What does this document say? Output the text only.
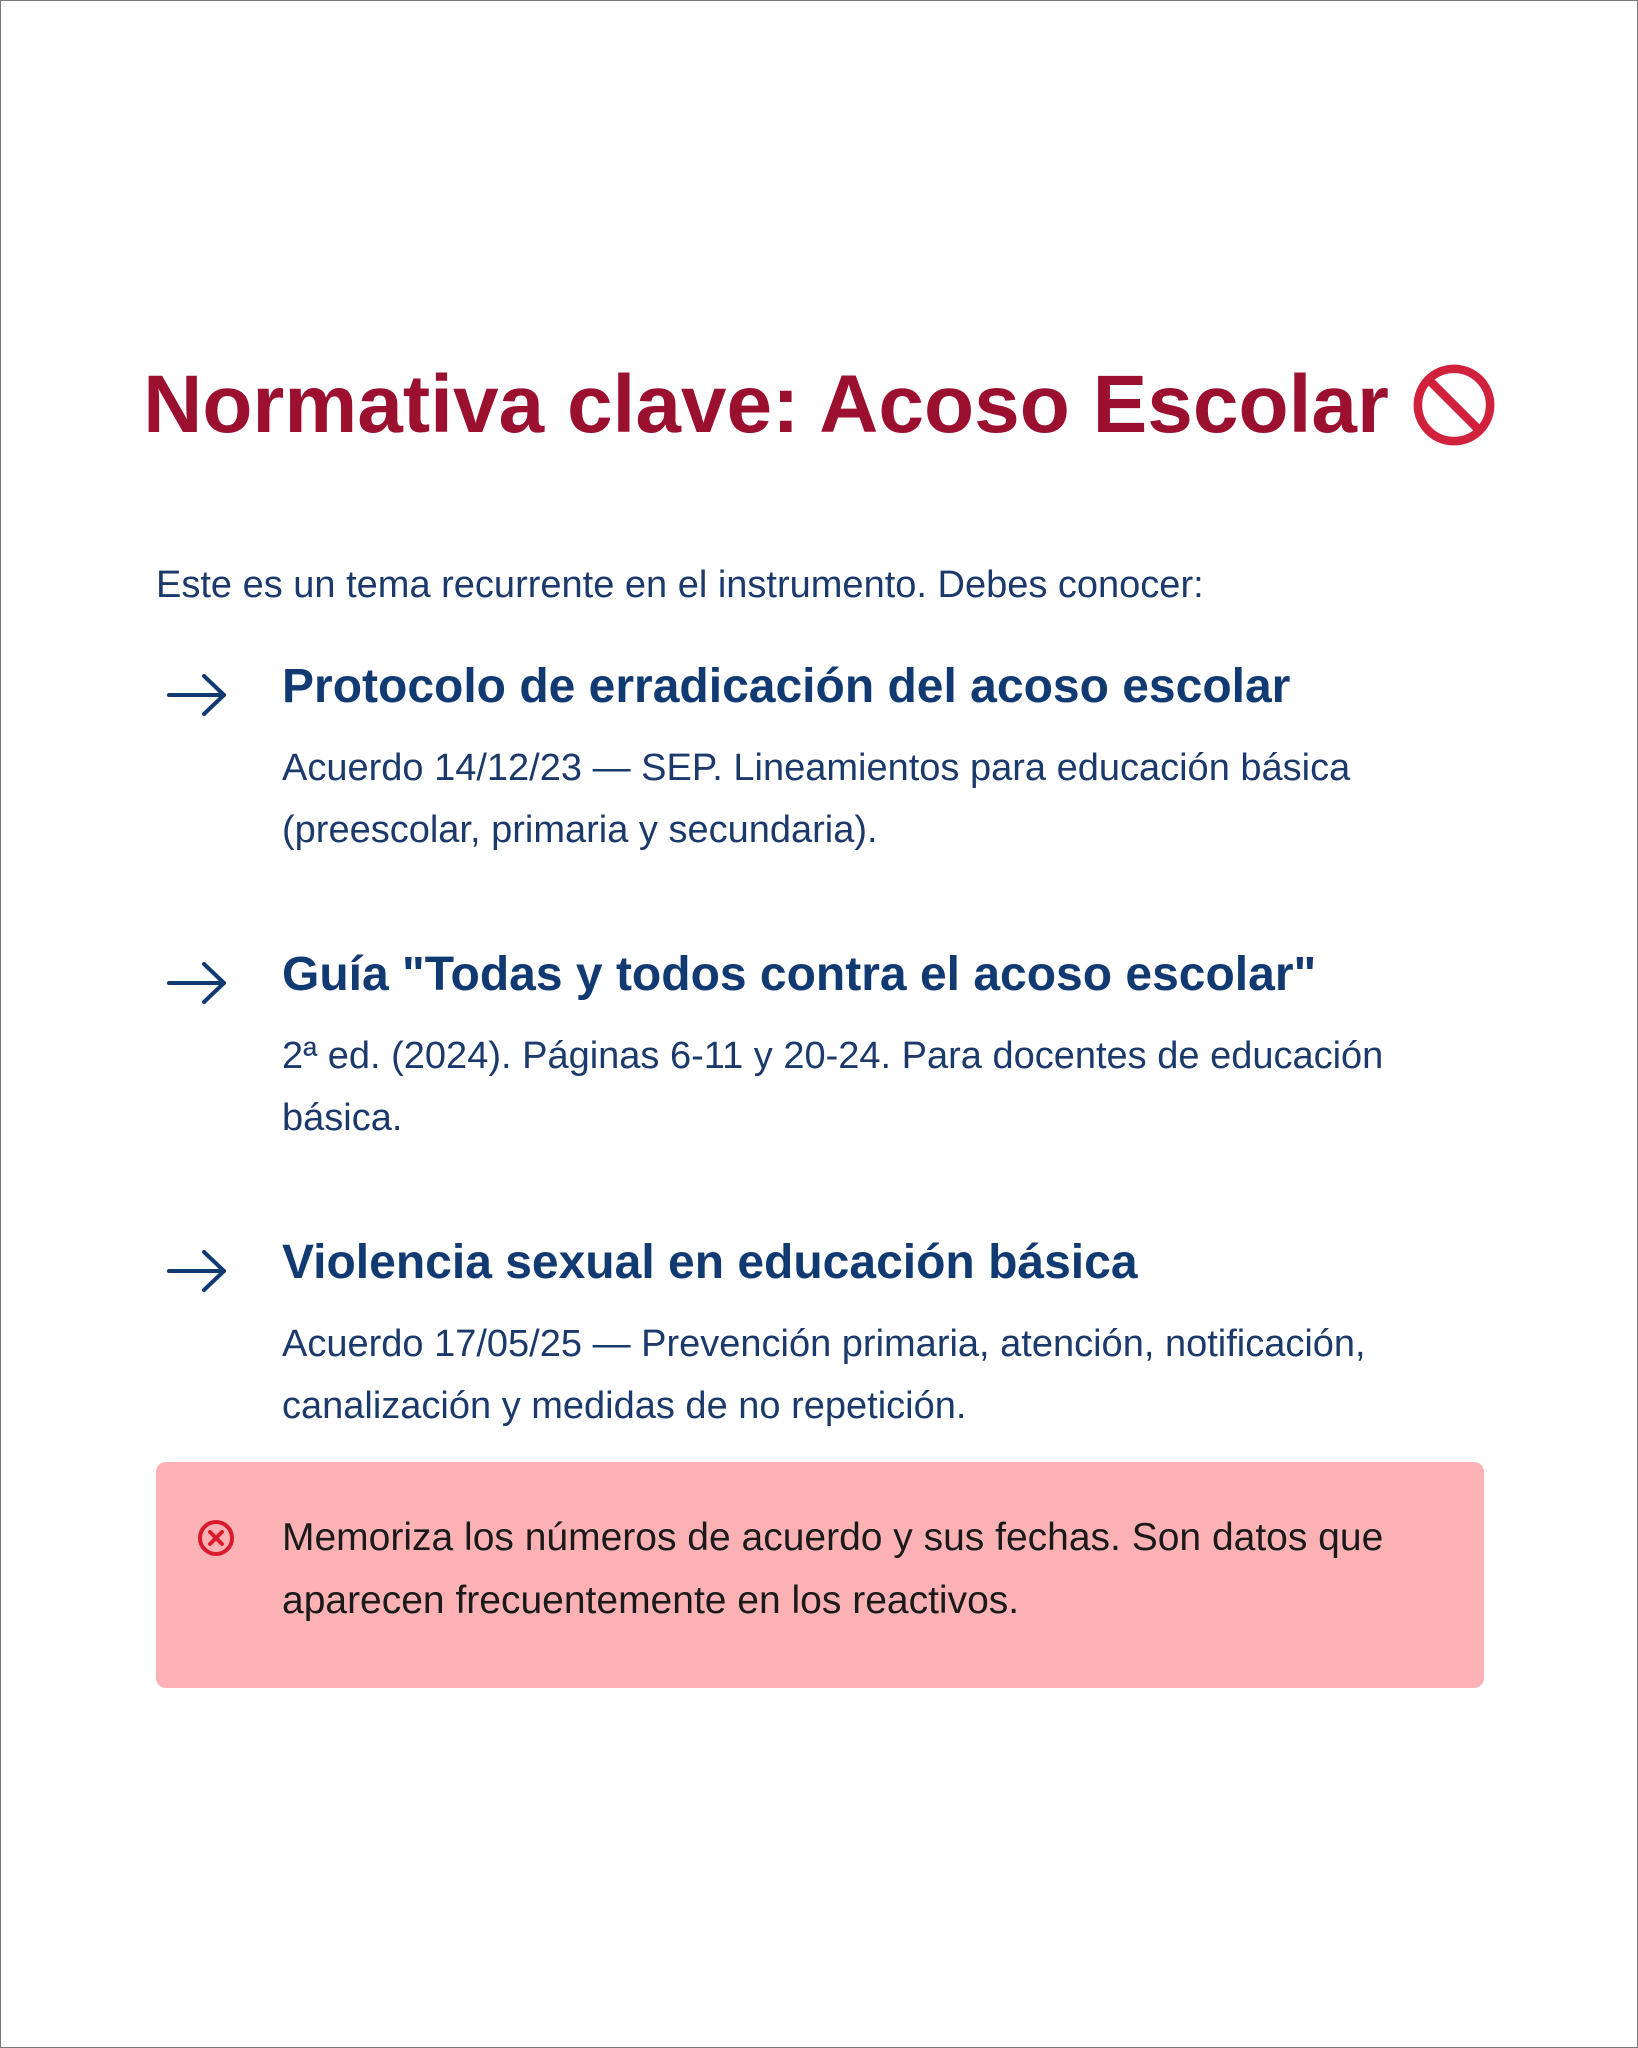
Normativa clave: Acoso Escolar
Este es un tema recurrente en el instrumento. Debes conocer:
Protocolo de erradicación del acoso escolar
Acuerdo 14/12/23 — SEP. Lineamientos para educación básica (preescolar, primaria y secundaria).
Guía "Todas y todos contra el acoso escolar"
2ª ed. (2024). Páginas 6-11 y 20-24. Para docentes de educación básica.
Violencia sexual en educación básica
Acuerdo 17/05/25 — Prevención primaria, atención, notificación, canalización y medidas de no repetición.
Memoriza los números de acuerdo y sus fechas. Son datos que aparecen frecuentemente en los reactivos.
